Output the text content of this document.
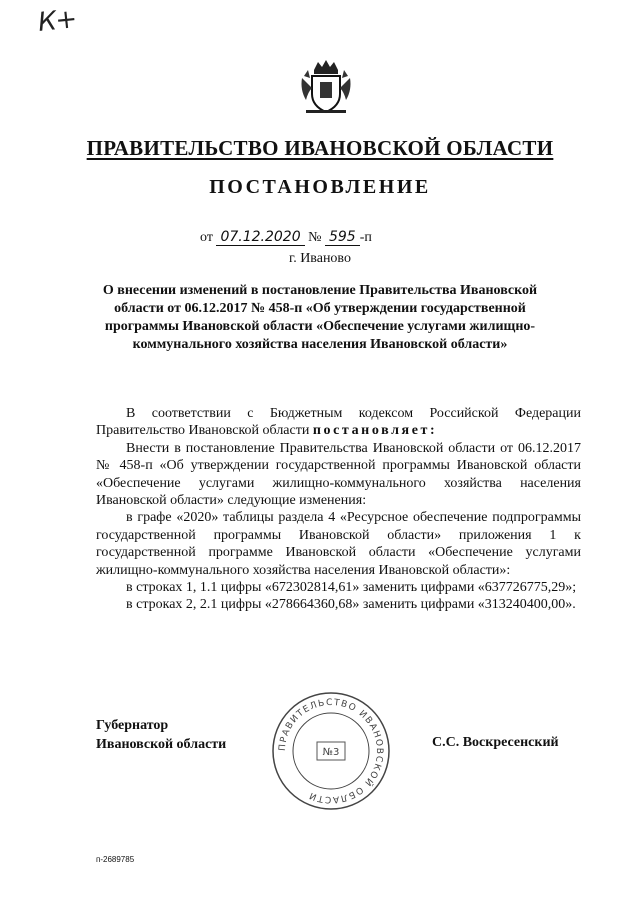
К+
ПРАВИТЕЛЬСТВО ИВАНОВСКОЙ ОБЛАСТИ
ПОСТАНОВЛЕНИЕ
от 07.12.2020 № 595 -п
г. Иваново
О внесении изменений в постановление Правительства Ивановской области от 06.12.2017 № 458-п «Об утверждении государственной программы Ивановской области «Обеспечение услугами жилищно-коммунального хозяйства населения Ивановской области»

В соответствии с Бюджетным кодексом Российской Федерации Правительство Ивановской области постановляет:

Внести в постановление Правительства Ивановской области от 06.12.2017 № 458-п «Об утверждении государственной программы Ивановской области «Обеспечение услугами жилищно-коммунального хозяйства населения Ивановской области» следующие изменения:

в графе «2020» таблицы раздела 4 «Ресурсное обеспечение подпрограммы государственной программы Ивановской области» приложения 1 к государственной программе Ивановской области «Обеспечение услугами жилищно-коммунального хозяйства населения Ивановской области»:

в строках 1, 1.1 цифры «672302814,61» заменить цифрами «637726775,29»;

в строках 2, 2.1 цифры «278664360,68» заменить цифрами «313240400,00».

Губернатор
Ивановской области	ПРАВИТЕЛЬСТВО ИВАНОВСКОЙ ОБЛАСТИ
№3
С.С. Воскресенский
п-2689785
